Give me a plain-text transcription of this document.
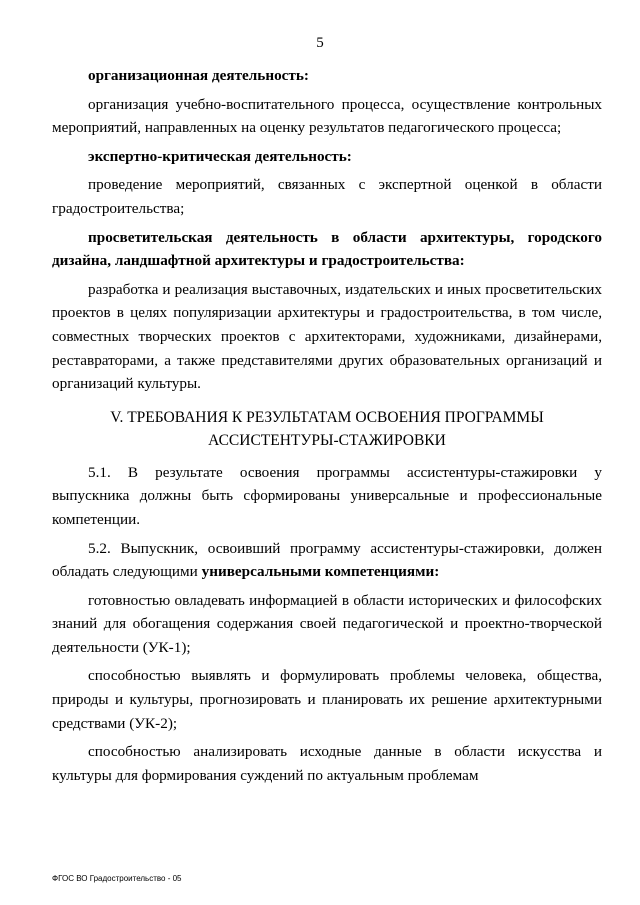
5

организационная деятельность:

организация учебно-воспитательного процесса, осуществление контрольных мероприятий, направленных на оценку результатов педагогического процесса;

экспертно-критическая деятельность:

проведение мероприятий, связанных с экспертной оценкой в области градостроительства;

просветительская деятельность в области архитектуры, городского дизайна, ландшафтной архитектуры и градостроительства:

разработка и реализация выставочных, издательских и иных просветительских проектов в целях популяризации архитектуры и градостроительства, в том числе, совместных творческих проектов с архитекторами, художниками, дизайнерами, реставраторами, а также представителями других образовательных организаций и организаций культуры.

V. ТРЕБОВАНИЯ К РЕЗУЛЬТАТАМ ОСВОЕНИЯ ПРОГРАММЫ
АССИСТЕНТУРЫ-СТАЖИРОВКИ

5.1. В результате освоения программы ассистентуры-стажировки у выпускника должны быть сформированы универсальные и профессиональные компетенции.

5.2. Выпускник, освоивший программу ассистентуры-стажировки, должен обладать следующими универсальными компетенциями:

готовностью овладевать информацией в области исторических и философских знаний для обогащения содержания своей педагогической и проектно-творческой деятельности (УК-1);

способностью выявлять и формулировать проблемы человека, общества, природы и культуры, прогнозировать и планировать их решение архитектурными средствами (УК-2);

способностью анализировать исходные данные в области искусства и культуры для формирования суждений по актуальным проблемам

ФГОС ВО Градостроительство - 05
